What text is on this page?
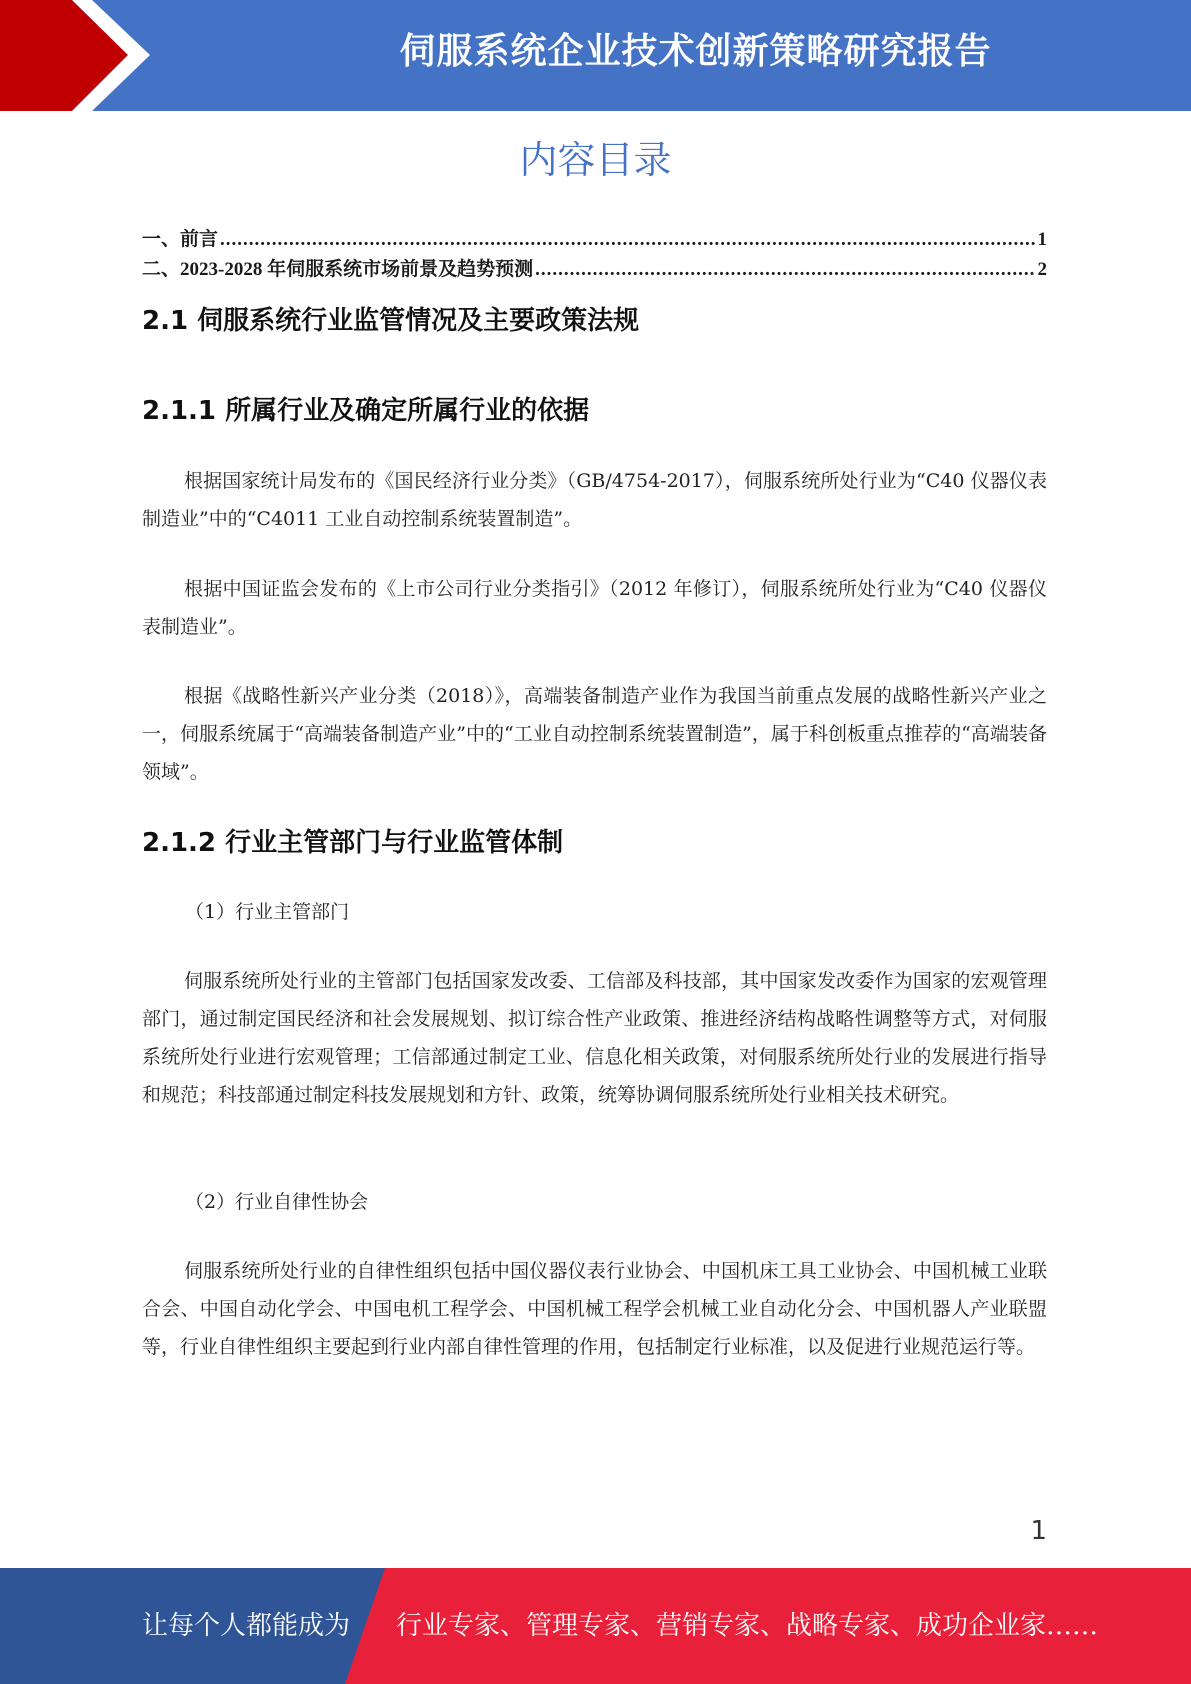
伺服系统企业技术创新策略研究报告
内容目录
一、前言 .....	1
二、2023-2028 年伺服系统市场前景及趋势预测 .....	2
2.1 伺服系统行业监管情况及主要政策法规
2.1.1 所属行业及确定所属行业的依据

根据国家统计局发布的《国民经济行业分类》（GB/4754-2017），伺服系统所处行业为“C40 仪器仪表制造业”中的“C4011 工业自动控制系统装置制造”。

根据中国证监会发布的《上市公司行业分类指引》（2012 年修订），伺服系统所处行业为“C40 仪器仪表制造业”。

根据《战略性新兴产业分类（2018）》，高端装备制造产业作为我国当前重点发展的战略性新兴产业之一，伺服系统属于“高端装备制造产业”中的“工业自动控制系统装置制造”，属于科创板重点推荐的“高端装备领域”。

2.1.2 行业主管部门与行业监管体制

（1）行业主管部门

伺服系统所处行业的主管部门包括国家发改委、工信部及科技部，其中国家发改委作为国家的宏观管理部门，通过制定国民经济和社会发展规划、拟订综合性产业政策、推进经济结构战略性调整等方式，对伺服系统所处行业进行宏观管理；工信部通过制定工业、信息化相关政策，对伺服系统所处行业的发展进行指导和规范；科技部通过制定科技发展规划和方针、政策，统筹协调伺服系统所处行业相关技术研究。

（2）行业自律性协会

伺服系统所处行业的自律性组织包括中国仪器仪表行业协会、中国机床工具工业协会、中国机械工业联合会、中国自动化学会、中国电机工程学会、中国机械工程学会机械工业自动化分会、中国机器人产业联盟等，行业自律性组织主要起到行业内部自律性管理的作用，包括制定行业标准，以及促进行业规范运行等。

1
让每个人都能成为 行业专家、管理专家、营销专家、战略专家、成功企业家……
